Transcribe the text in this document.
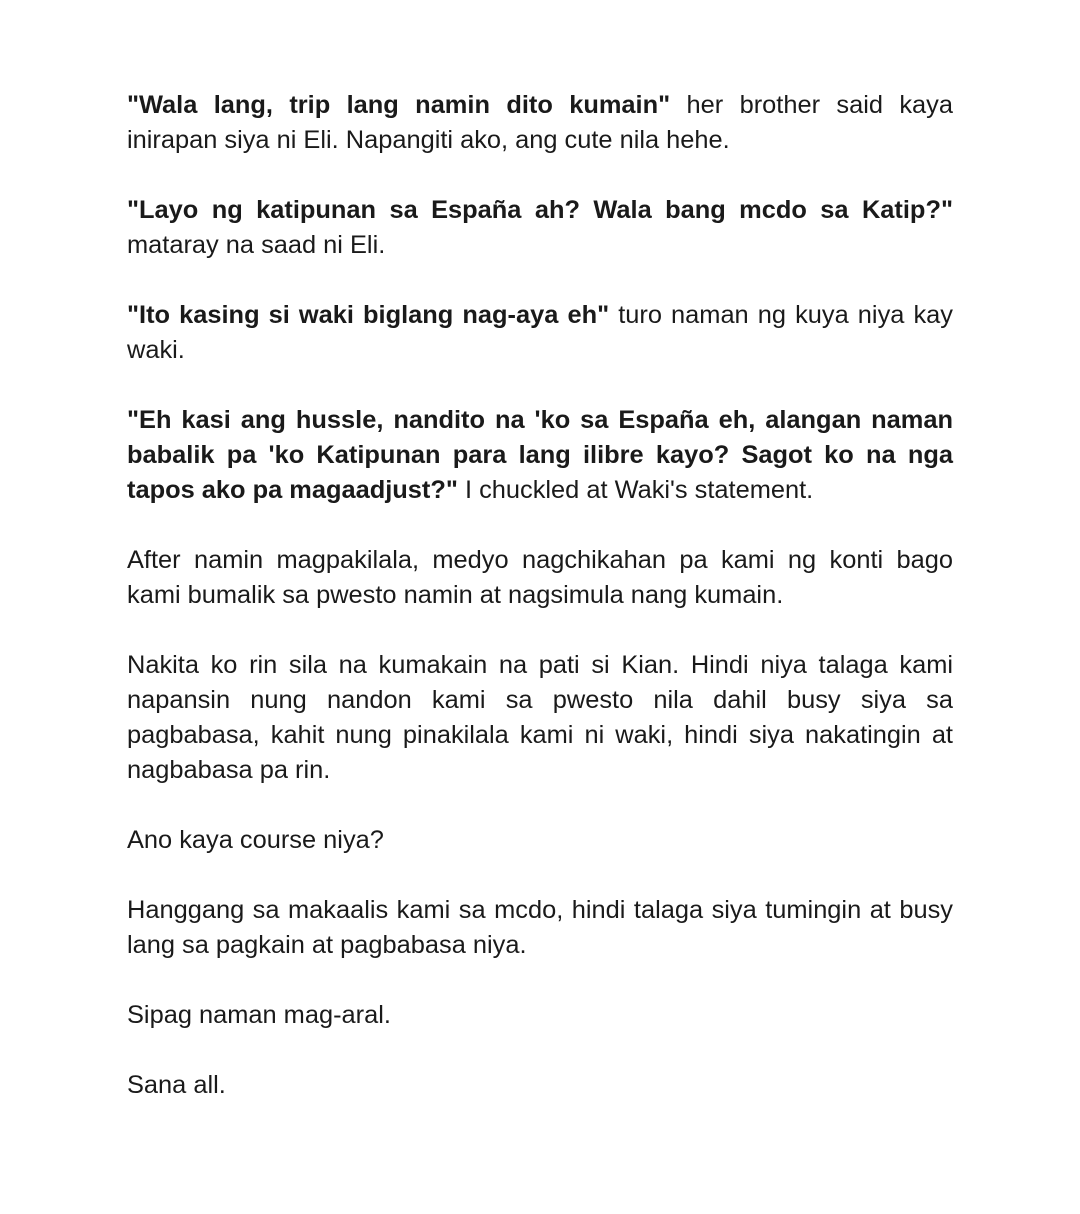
"Wala lang, trip lang namin dito kumain" her brother said kaya inirapan siya ni Eli. Napangiti ako, ang cute nila hehe.

"Layo ng katipunan sa España ah? Wala bang mcdo sa Katip?" mataray na saad ni Eli.

"Ito kasing si waki biglang nag-aya eh" turo naman ng kuya niya kay waki.

"Eh kasi ang hussle, nandito na 'ko sa España eh, alangan naman babalik pa 'ko Katipunan para lang ilibre kayo? Sagot ko na nga tapos ako pa magaadjust?" I chuckled at Waki's statement.

After namin magpakilala, medyo nagchikahan pa kami ng konti bago kami bumalik sa pwesto namin at nagsimula nang kumain.

Nakita ko rin sila na kumakain na pati si Kian. Hindi niya talaga kami napansin nung nandon kami sa pwesto nila dahil busy siya sa pagbabasa, kahit nung pinakilala kami ni waki, hindi siya nakatingin at nagbabasa pa rin.

Ano kaya course niya?

Hanggang sa makaalis kami sa mcdo, hindi talaga siya tumingin at busy lang sa pagkain at pagbabasa niya.

Sipag naman mag-aral.

Sana all.
